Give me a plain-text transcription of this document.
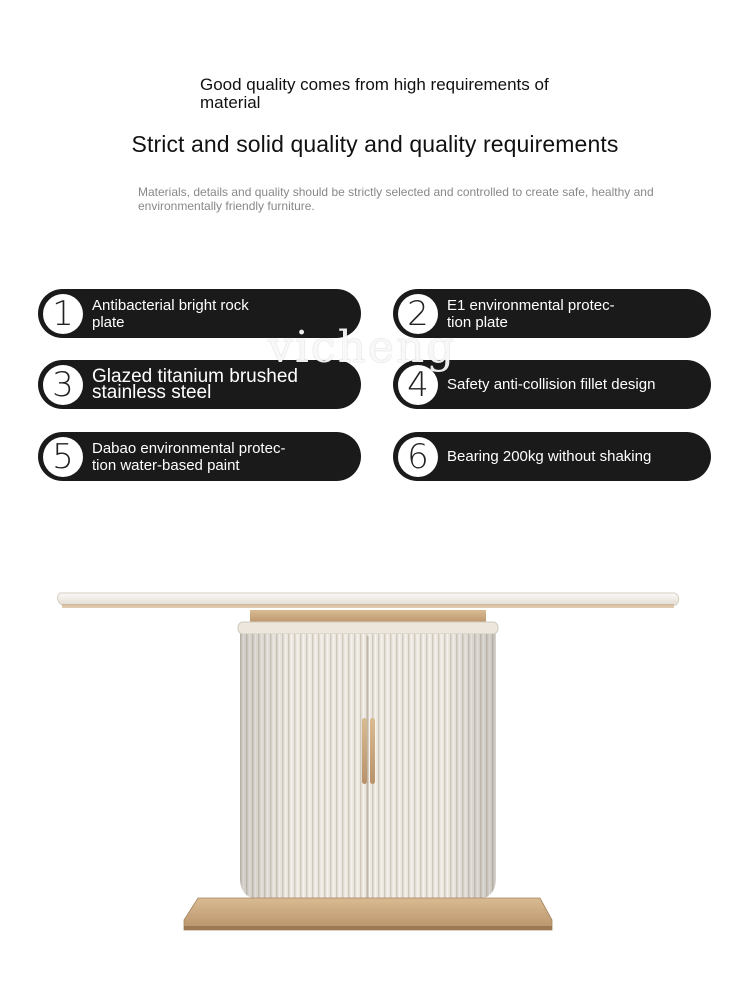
Good quality comes from high requirements of material
Strict and solid quality and quality requirements
Materials, details and quality should be strictly selected and controlled to create safe, healthy and environmentally friendly furniture.
1	Antibacterial bright rock
plate	2	E1 environmental protec-
tion plate
3 Glazed titanium brushed
stainless steel	4	Safety anti-collision fillet design
5	Dabao environmental protec-
tion water-based paint	6	Bearing 200kg without shaking
vicheng
